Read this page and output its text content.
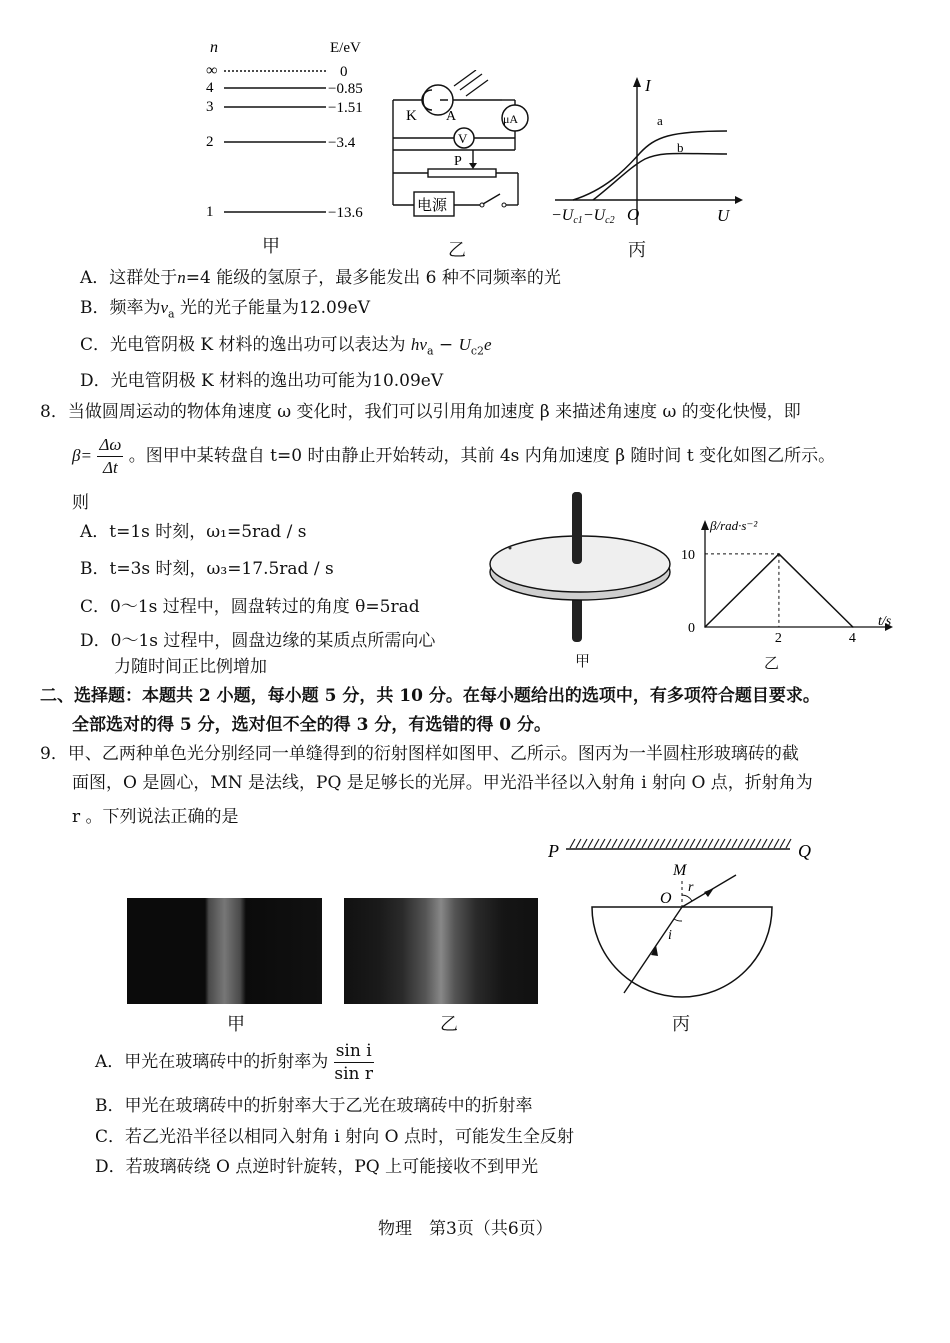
n	E/eV
∞	0
4	−0.85
3	−1.51
2	−3.4
1	−13.6
甲
K A	μA
V
P
电源
乙
I
U
O
a
b
−Uc1−Uc2
丙
A．这群处于n=4 能级的氢原子，最多能发出 6 种不同频率的光
B．频率为$\nu_a$ 光的光子能量为12.09eV
C．光电管阴极 K 材料的逸出功可以表达为 $h\nu_a - U_{c2}e$
D．光电管阴极 K 材料的逸出功可能为10.09eV
8．当做圆周运动的物体角速度 ω 变化时，我们可以引用角加速度 β 来描述角速度 ω 的变化快慢，即
$\beta= \frac{\Delta\omega}{\Delta t}$ 。图甲中某转盘自 t=0 时由静止开始转动，其前 4s 内角加速度 β 随时间 t 变化如图乙所示。
则
A．t=1s 时刻，ω₁=5rad / s
B．t=3s 时刻，ω₃=17.5rad / s
C．0～1s 过程中，圆盘转过的角度 θ=5rad
D．0～1s 过程中，圆盘边缘的某质点所需向心
力随时间正比例增加	甲
β/rad·s⁻²
t/s
0
2	4
10
乙
二、选择题：本题共 2 小题，每小题 5 分，共 10 分。在每小题给出的选项中，有多项符合题目要求。
全部选对的得 5 分，选对但不全的得 3 分，有选错的得 0 分。
9．甲、乙两种单色光分别经同一单缝得到的衍射图样如图甲、乙所示。图丙为一半圆柱形玻璃砖的截
面图，O 是圆心，MN 是法线，PQ 是足够长的光屏。甲光沿半径以入射角 i 射向 O 点，折射角为
r 。下列说法正确的是
甲	乙
P	Q
M
O
r
i
丙
A．甲光在玻璃砖中的折射率为 $\frac{\text{sin i}}{\text{sin r}}$
B．甲光在玻璃砖中的折射率大于乙光在玻璃砖中的折射率
C．若乙光沿半径以相同入射角 i 射向 O 点时，可能发生全反射
D．若玻璃砖绕 O 点逆时针旋转，PQ 上可能接收不到甲光
物理　第3页（共6页）
